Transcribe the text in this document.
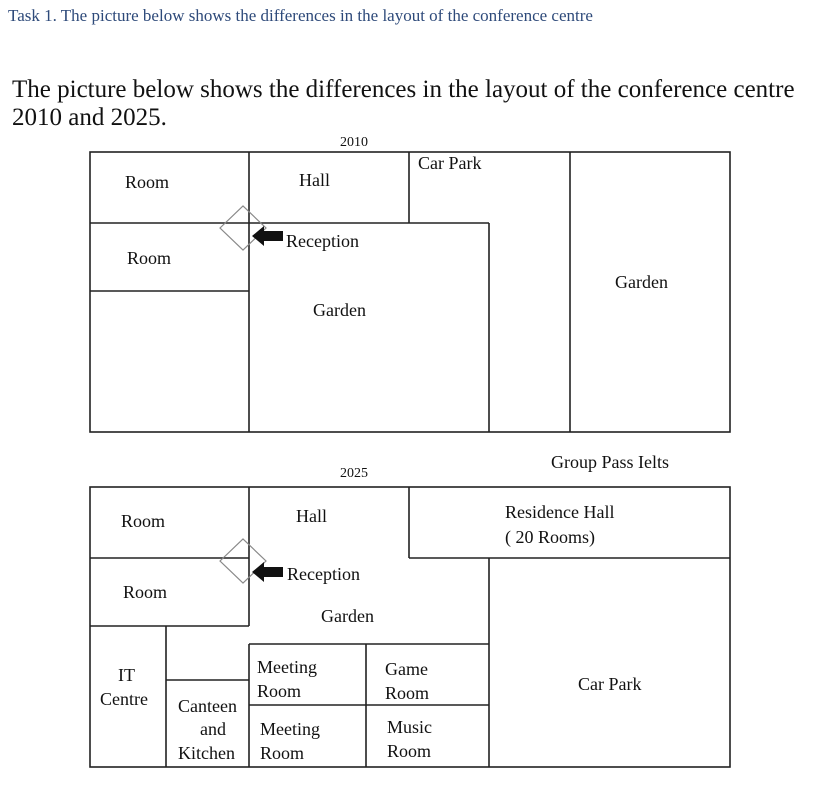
Task 1. The picture below shows the differences in the layout of the conference centre
The picture below shows the differences in the layout of the conference centre
2010 and 2025.
2010
Room	Hall
Car Park
Room
Reception
Garden
Garden
Group Pass Ielts
2025
Room	Hall	Residence Hall
( 20 Rooms)
Room
Reception
Garden
IT
Centre Canteen
and
Kitchen
Meeting
Room
Meeting
Room
Game
Room
Music
Room
Car Park
